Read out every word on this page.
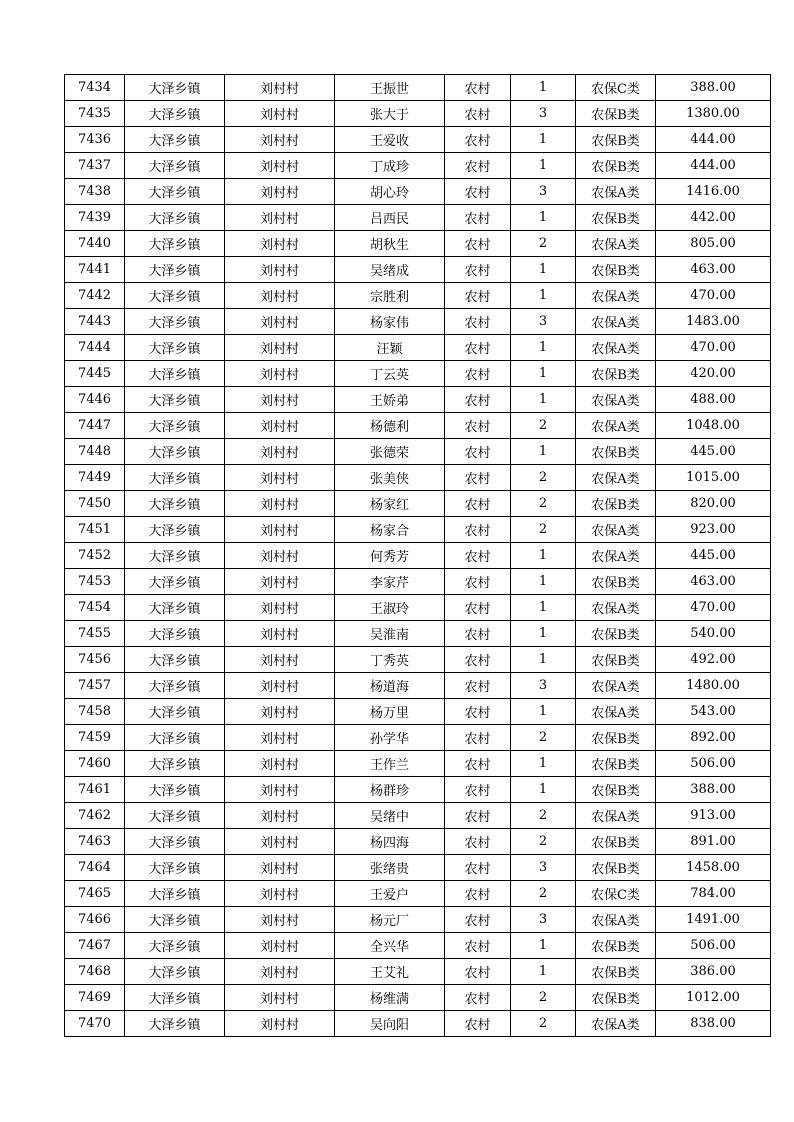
7434	大泽乡镇	刘村村	王振世	农村	1	农保C类	388.00
7435	大泽乡镇	刘村村	张大于	农村	3	农保B类	1380.00
7436	大泽乡镇	刘村村	王爱收	农村	1	农保B类	444.00
7437	大泽乡镇	刘村村	丁成珍	农村	1	农保B类	444.00
7438	大泽乡镇	刘村村	胡心玲	农村	3	农保A类	1416.00
7439	大泽乡镇	刘村村	吕西民	农村	1	农保B类	442.00
7440	大泽乡镇	刘村村	胡秋生	农村	2	农保A类	805.00
7441	大泽乡镇	刘村村	吴绪成	农村	1	农保B类	463.00
7442	大泽乡镇	刘村村	宗胜利	农村	1	农保A类	470.00
7443	大泽乡镇	刘村村	杨家伟	农村	3	农保A类	1483.00
7444	大泽乡镇	刘村村	汪颖	农村	1	农保A类	470.00
7445	大泽乡镇	刘村村	丁云英	农村	1	农保B类	420.00
7446	大泽乡镇	刘村村	王娇弟	农村	1	农保A类	488.00
7447	大泽乡镇	刘村村	杨德利	农村	2	农保A类	1048.00
7448	大泽乡镇	刘村村	张德荣	农村	1	农保B类	445.00
7449	大泽乡镇	刘村村	张美侠	农村	2	农保A类	1015.00
7450	大泽乡镇	刘村村	杨家红	农村	2	农保B类	820.00
7451	大泽乡镇	刘村村	杨家合	农村	2	农保A类	923.00
7452	大泽乡镇	刘村村	何秀芳	农村	1	农保A类	445.00
7453	大泽乡镇	刘村村	李家芹	农村	1	农保B类	463.00
7454	大泽乡镇	刘村村	王淑玲	农村	1	农保A类	470.00
7455	大泽乡镇	刘村村	吴淮南	农村	1	农保B类	540.00
7456	大泽乡镇	刘村村	丁秀英	农村	1	农保B类	492.00
7457	大泽乡镇	刘村村	杨道海	农村	3	农保A类	1480.00
7458	大泽乡镇	刘村村	杨万里	农村	1	农保A类	543.00
7459	大泽乡镇	刘村村	孙学华	农村	2	农保B类	892.00
7460	大泽乡镇	刘村村	王作兰	农村	1	农保B类	506.00
7461	大泽乡镇	刘村村	杨群珍	农村	1	农保B类	388.00
7462	大泽乡镇	刘村村	吴绪中	农村	2	农保A类	913.00
7463	大泽乡镇	刘村村	杨四海	农村	2	农保B类	891.00
7464	大泽乡镇	刘村村	张绪贵	农村	3	农保B类	1458.00
7465	大泽乡镇	刘村村	王爱户	农村	2	农保C类	784.00
7466	大泽乡镇	刘村村	杨元厂	农村	3	农保A类	1491.00
7467	大泽乡镇	刘村村	全兴华	农村	1	农保B类	506.00
7468	大泽乡镇	刘村村	王艾礼	农村	1	农保B类	386.00
7469	大泽乡镇	刘村村	杨维满	农村	2	农保B类	1012.00
7470	大泽乡镇	刘村村	吴向阳	农村	2	农保A类	838.00
